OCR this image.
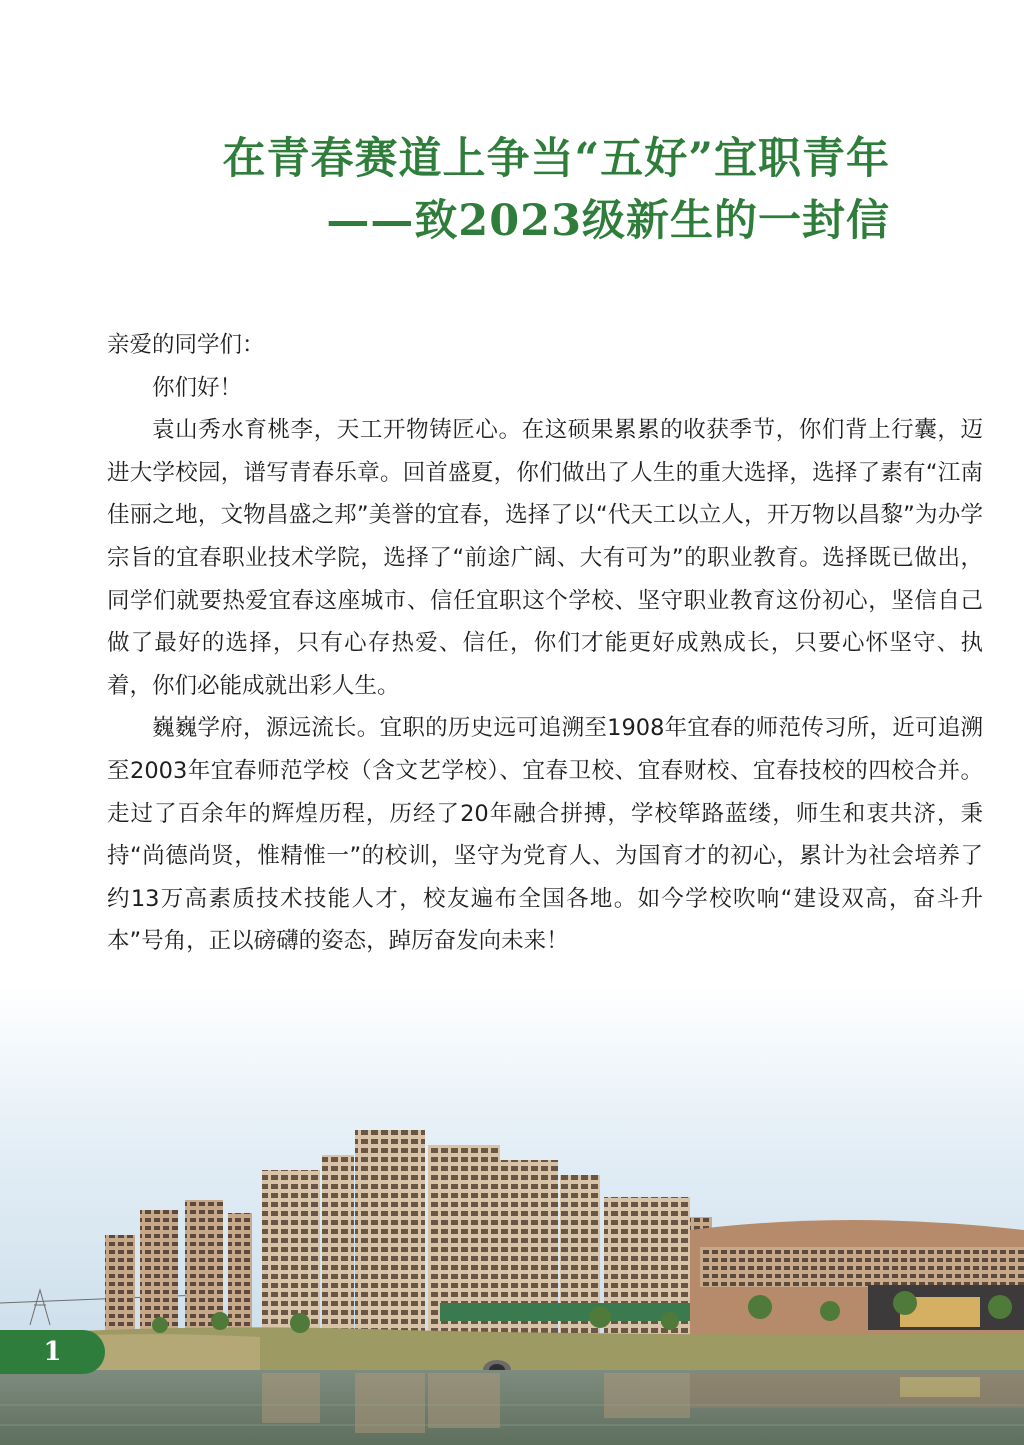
在青春赛道上争当“五好”宜职青年
——致2023级新生的一封信

亲爱的同学们：

你们好！

袁山秀水育桃李，天工开物铸匠心。在这硕果累累的收获季节，你们背上行囊，迈进大学校园，谱写青春乐章。回首盛夏，你们做出了人生的重大选择，选择了素有“江南佳丽之地，文物昌盛之邦”美誉的宜春，选择了以“代天工以立人，开万物以昌黎”为办学宗旨的宜春职业技术学院，选择了“前途广阔、大有可为”的职业教育。选择既已做出，同学们就要热爱宜春这座城市、信任宜职这个学校、坚守职业教育这份初心，坚信自己做了最好的选择，只有心存热爱、信任，你们才能更好成熟成长，只要心怀坚守、执着，你们必能成就出彩人生。

巍巍学府，源远流长。宜职的历史远可追溯至1908年宜春的师范传习所，近可追溯至2003年宜春师范学校（含文艺学校）、宜春卫校、宜春财校、宜春技校的四校合并。走过了百余年的辉煌历程，历经了20年融合拼搏，学校筚路蓝缕，师生和衷共济，秉持“尚德尚贤，惟精惟一”的校训，坚守为党育人、为国育才的初心，累计为社会培养了约13万高素质技术技能人才，校友遍布全国各地。如今学校吹响“建设双高，奋斗升本”号角，正以磅礴的姿态，踔厉奋发向未来！

1
